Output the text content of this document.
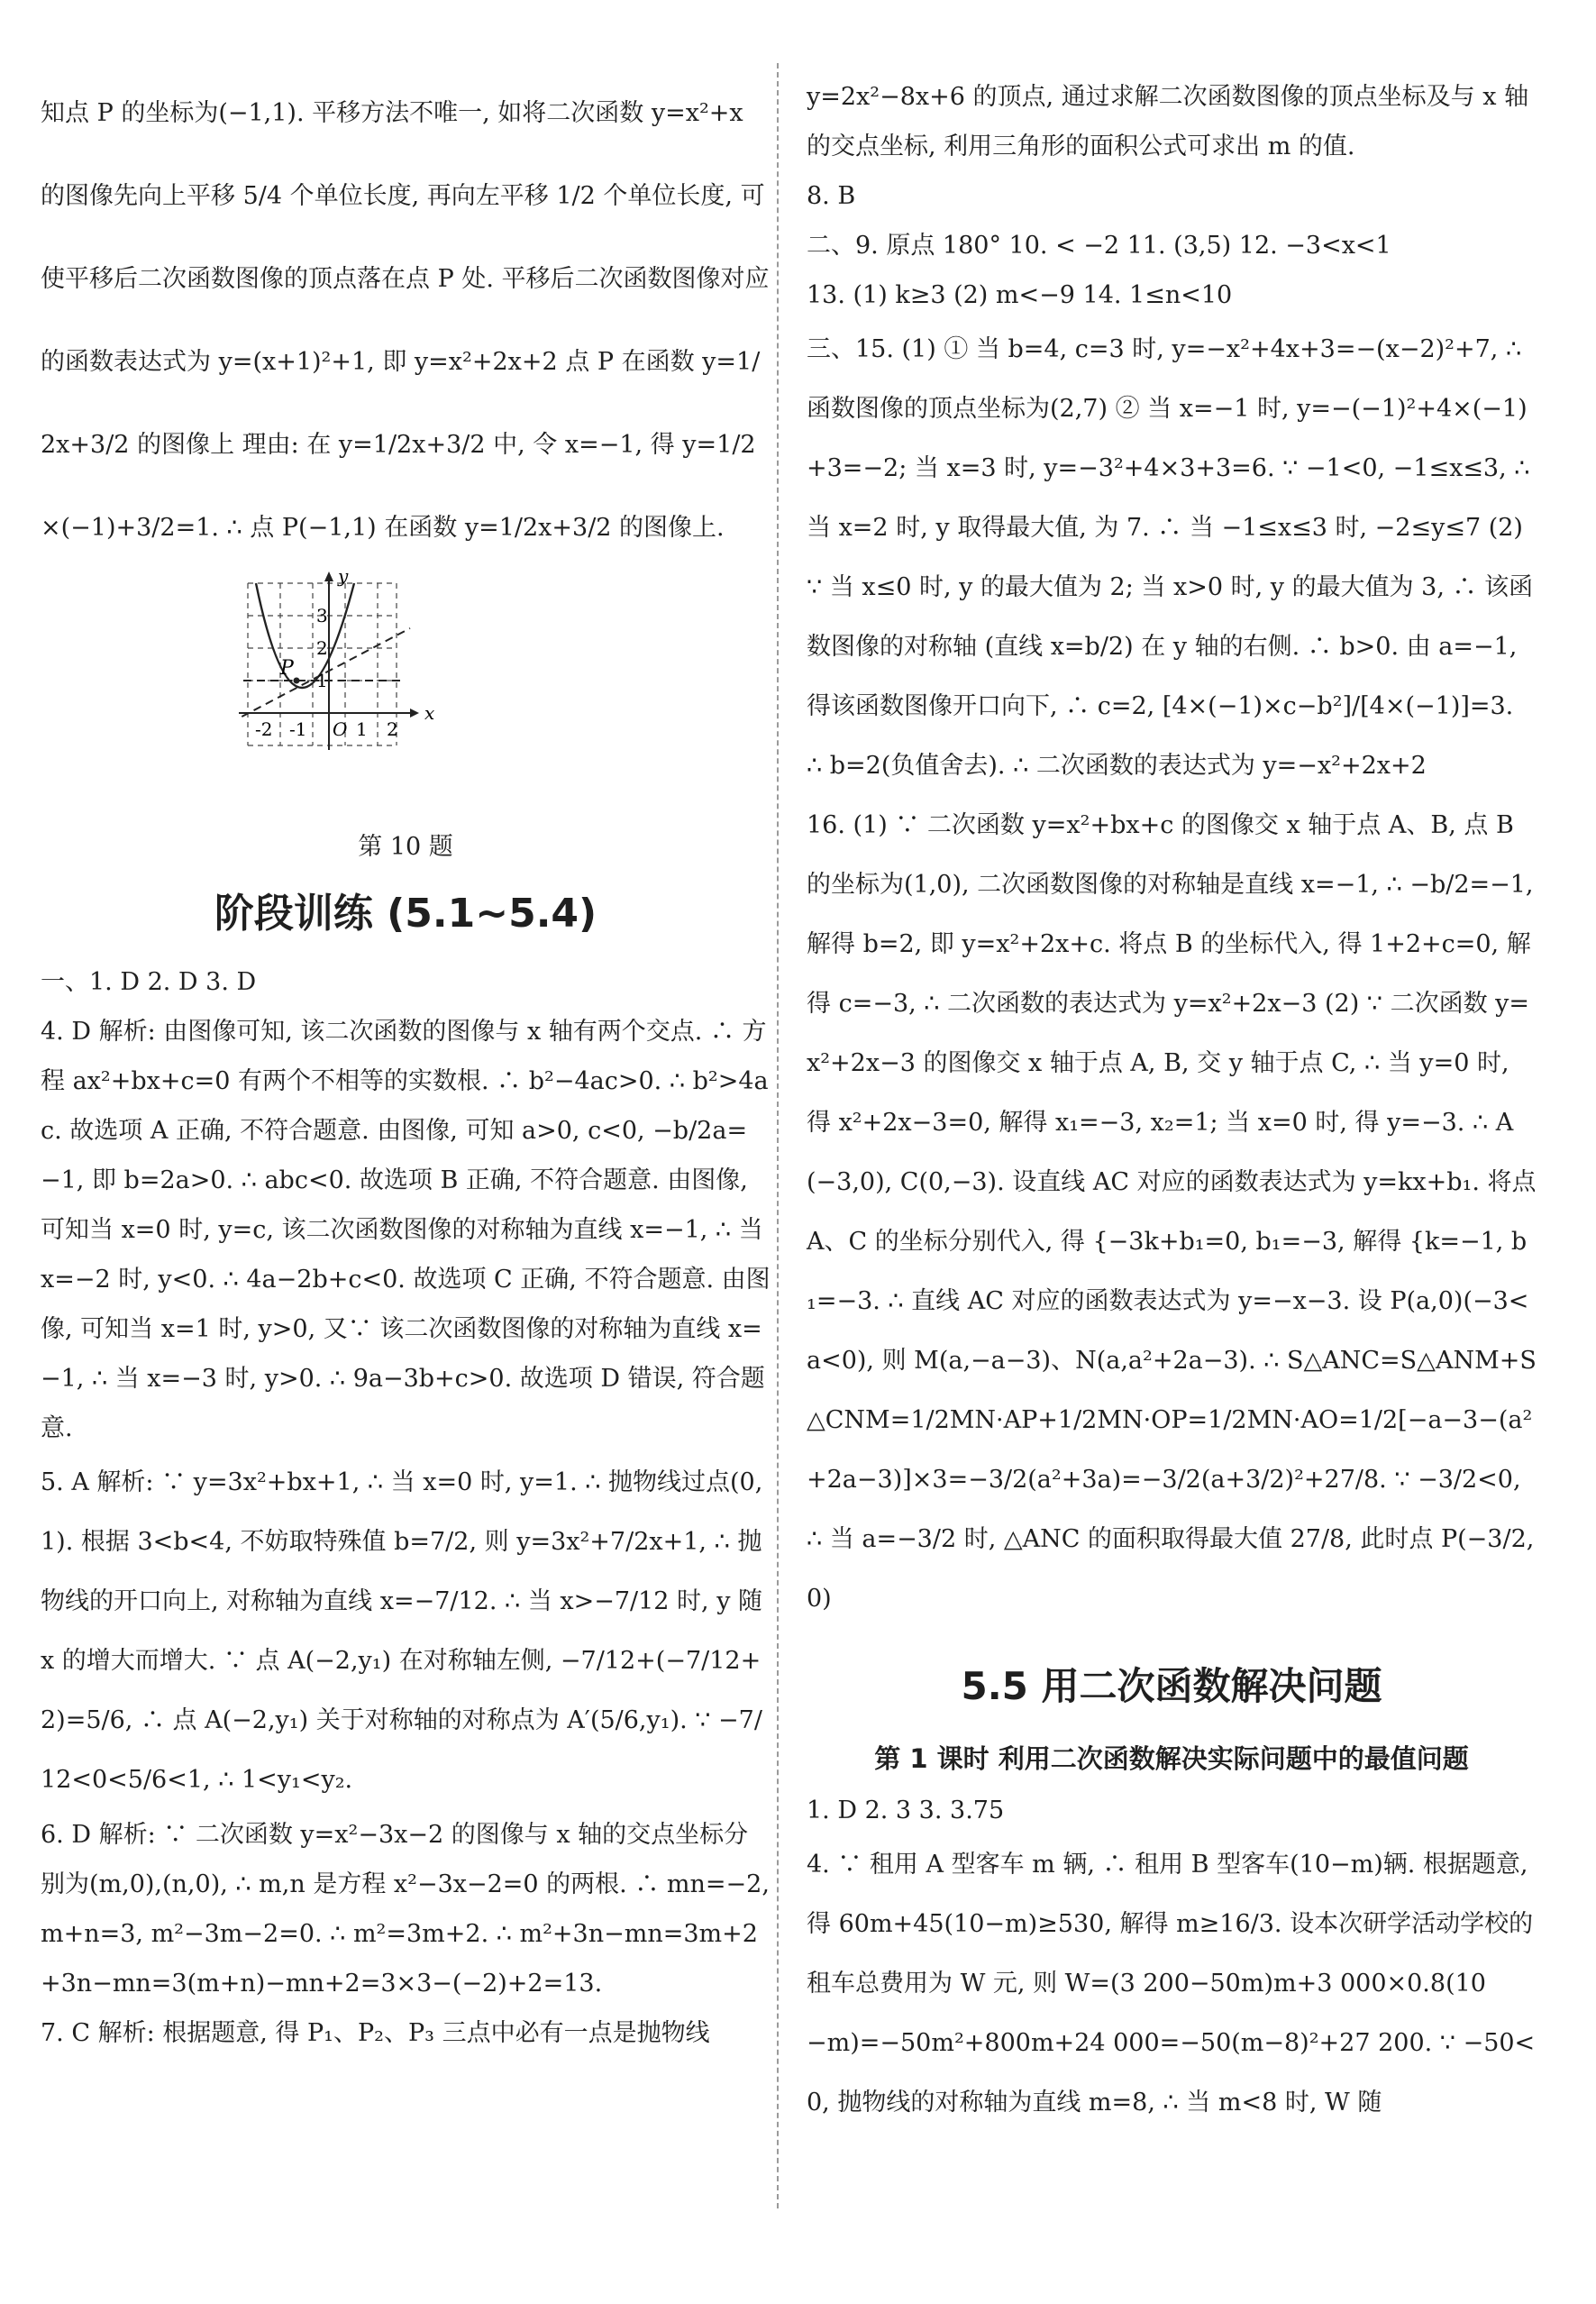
知点 P 的坐标为(−1,1). 平移方法不唯一, 如将二次函数 y=x²+x 的图像先向上平移 5/4 个单位长度, 再向左平移 1/2 个单位长度, 可使平移后二次函数图像的顶点落在点 P 处. 平移后二次函数图像对应的函数表达式为 y=(x+1)²+1, 即 y=x²+2x+2 点 P 在函数 y=1/2x+3/2 的图像上 理由: 在 y=1/2x+3/2 中, 令 x=−1, 得 y=1/2×(−1)+3/2=1. ∴ 点 P(−1,1) 在函数 y=1/2x+3/2 的图像上.

P
x
y
O
-2 -1	1 2
1
2
3
第 10 题
阶段训练 (5.1~5.4)

一、1. D 2. D 3. D

4. D 解析: 由图像可知, 该二次函数的图像与 x 轴有两个交点. ∴ 方程 ax²+bx+c=0 有两个不相等的实数根. ∴ b²−4ac>0. ∴ b²>4ac. 故选项 A 正确, 不符合题意. 由图像, 可知 a>0, c<0, −b/2a=−1, 即 b=2a>0. ∴ abc<0. 故选项 B 正确, 不符合题意. 由图像, 可知当 x=0 时, y=c, 该二次函数图像的对称轴为直线 x=−1, ∴ 当 x=−2 时, y<0. ∴ 4a−2b+c<0. 故选项 C 正确, 不符合题意. 由图像, 可知当 x=1 时, y>0, 又∵ 该二次函数图像的对称轴为直线 x=−1, ∴ 当 x=−3 时, y>0. ∴ 9a−3b+c>0. 故选项 D 错误, 符合题意.

5. A 解析: ∵ y=3x²+bx+1, ∴ 当 x=0 时, y=1. ∴ 抛物线过点(0,1). 根据 3<b<4, 不妨取特殊值 b=7/2, 则 y=3x²+7/2x+1, ∴ 抛物线的开口向上, 对称轴为直线 x=−7/12. ∴ 当 x>−7/12 时, y 随 x 的增大而增大. ∵ 点 A(−2,y₁) 在对称轴左侧, −7/12+(−7/12+2)=5/6, ∴ 点 A(−2,y₁) 关于对称轴的对称点为 A′(5/6,y₁). ∵ −7/12<0<5/6<1, ∴ 1<y₁<y₂.

6. D 解析: ∵ 二次函数 y=x²−3x−2 的图像与 x 轴的交点坐标分别为(m,0),(n,0), ∴ m,n 是方程 x²−3x−2=0 的两根. ∴ mn=−2, m+n=3, m²−3m−2=0. ∴ m²=3m+2. ∴ m²+3n−mn=3m+2+3n−mn=3(m+n)−mn+2=3×3−(−2)+2=13.

7. C 解析: 根据题意, 得 P₁、P₂、P₃ 三点中必有一点是抛物线

y=2x²−8x+6 的顶点, 通过求解二次函数图像的顶点坐标及与 x 轴的交点坐标, 利用三角形的面积公式可求出 m 的值.

8. B

二、9. 原点 180° 10. < −2 11. (3,5) 12. −3<x<1

13. (1) k≥3 (2) m<−9 14. 1≤n<10

三、15. (1) ① 当 b=4, c=3 时, y=−x²+4x+3=−(x−2)²+7, ∴ 函数图像的顶点坐标为(2,7) ② 当 x=−1 时, y=−(−1)²+4×(−1)+3=−2; 当 x=3 时, y=−3²+4×3+3=6. ∵ −1<0, −1≤x≤3, ∴ 当 x=2 时, y 取得最大值, 为 7. ∴ 当 −1≤x≤3 时, −2≤y≤7 (2) ∵ 当 x≤0 时, y 的最大值为 2; 当 x>0 时, y 的最大值为 3, ∴ 该函数图像的对称轴 (直线 x=b/2) 在 y 轴的右侧. ∴ b>0. 由 a=−1, 得该函数图像开口向下, ∴ c=2, [4×(−1)×c−b²]/[4×(−1)]=3. ∴ b=2(负值舍去). ∴ 二次函数的表达式为 y=−x²+2x+2

16. (1) ∵ 二次函数 y=x²+bx+c 的图像交 x 轴于点 A、B, 点 B 的坐标为(1,0), 二次函数图像的对称轴是直线 x=−1, ∴ −b/2=−1, 解得 b=2, 即 y=x²+2x+c. 将点 B 的坐标代入, 得 1+2+c=0, 解得 c=−3, ∴ 二次函数的表达式为 y=x²+2x−3 (2) ∵ 二次函数 y=x²+2x−3 的图像交 x 轴于点 A, B, 交 y 轴于点 C, ∴ 当 y=0 时, 得 x²+2x−3=0, 解得 x₁=−3, x₂=1; 当 x=0 时, 得 y=−3. ∴ A(−3,0), C(0,−3). 设直线 AC 对应的函数表达式为 y=kx+b₁. 将点 A、C 的坐标分别代入, 得 {−3k+b₁=0, b₁=−3, 解得 {k=−1, b₁=−3. ∴ 直线 AC 对应的函数表达式为 y=−x−3. 设 P(a,0)(−3<a<0), 则 M(a,−a−3)、N(a,a²+2a−3). ∴ S△ANC=S△ANM+S△CNM=1/2MN·AP+1/2MN·OP=1/2MN·AO=1/2[−a−3−(a²+2a−3)]×3=−3/2(a²+3a)=−3/2(a+3/2)²+27/8. ∵ −3/2<0, ∴ 当 a=−3/2 时, △ANC 的面积取得最大值 27/8, 此时点 P(−3/2,0)

5.5 用二次函数解决问题
第 1 课时 利用二次函数解决实际问题中的最值问题

1. D 2. 3 3. 3.75

4. ∵ 租用 A 型客车 m 辆, ∴ 租用 B 型客车(10−m)辆. 根据题意, 得 60m+45(10−m)≥530, 解得 m≥16/3. 设本次研学活动学校的租车总费用为 W 元, 则 W=(3 200−50m)m+3 000×0.8(10−m)=−50m²+800m+24 000=−50(m−8)²+27 200. ∵ −50<0, 抛物线的对称轴为直线 m=8, ∴ 当 m<8 时, W 随
